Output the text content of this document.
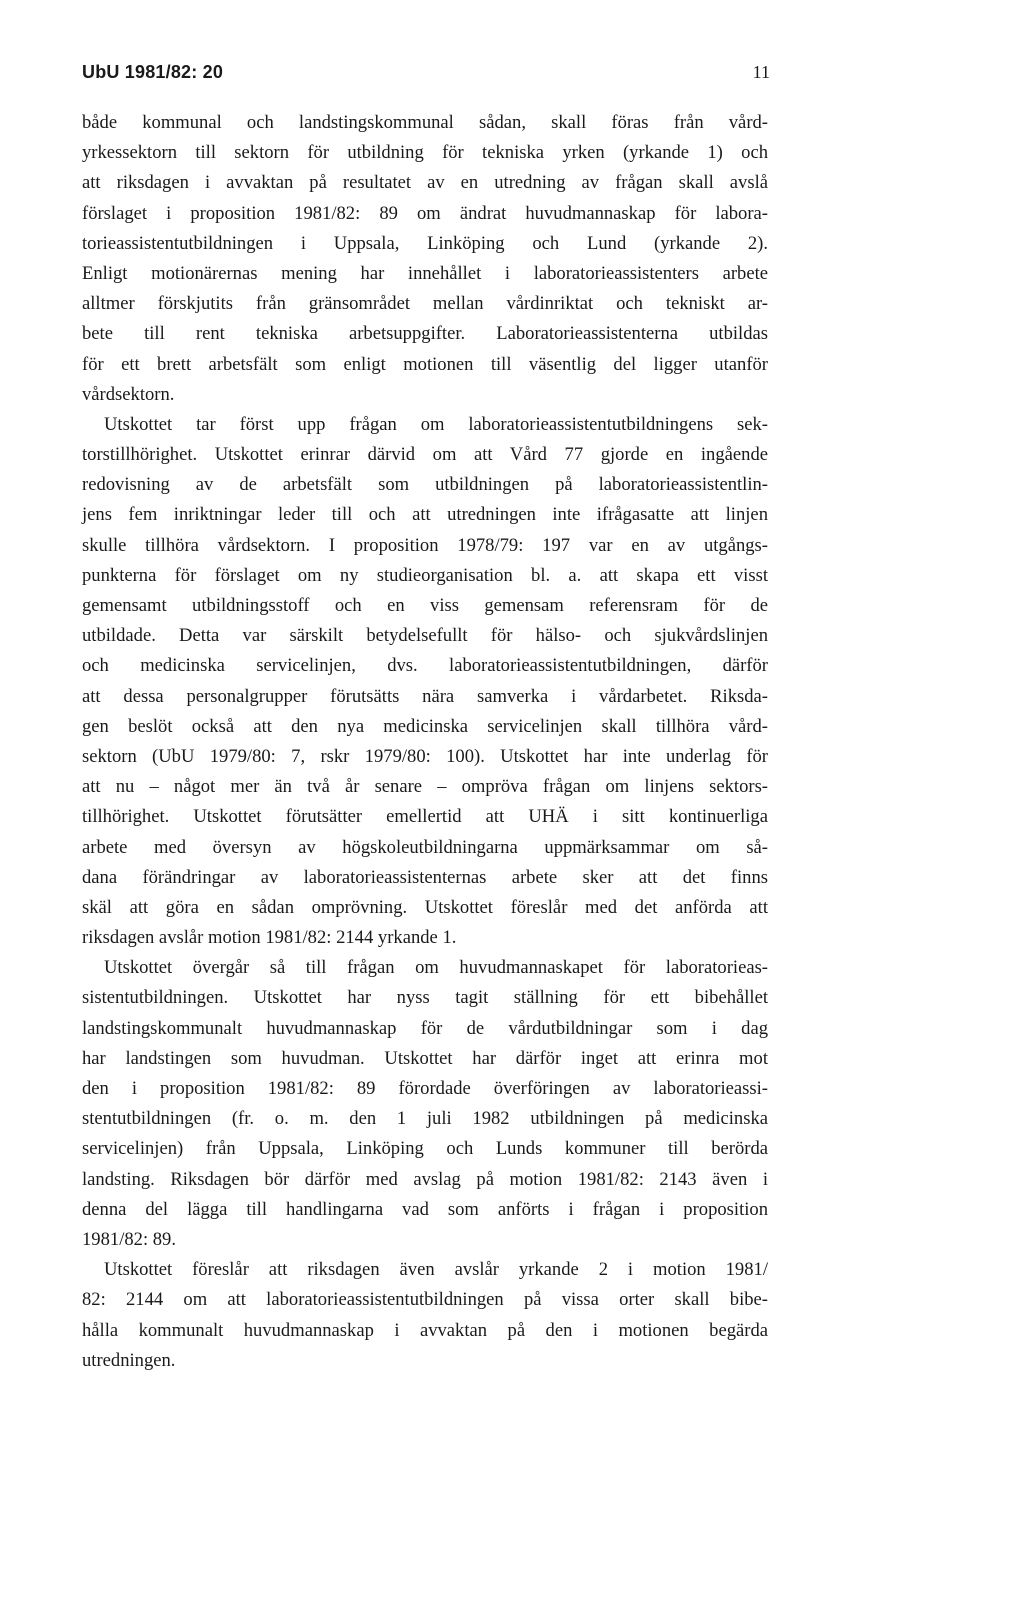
UbU 1981/82: 20	11
både kommunal och landstingskommunal sådan, skall föras från vård-
yrkessektorn till sektorn för utbildning för tekniska yrken (yrkande 1) och
att riksdagen i avvaktan på resultatet av en utredning av frågan skall avslå
förslaget i proposition 1981/82: 89 om ändrat huvudmannaskap för labora-
torieassistentutbildningen i Uppsala, Linköping och Lund (yrkande 2).
Enligt motionärernas mening har innehållet i laboratorieassistenters arbete
alltmer förskjutits från gränsområdet mellan vårdinriktat och tekniskt ar-
bete till rent tekniska arbetsuppgifter. Laboratorieassistenterna utbildas
för ett brett arbetsfält som enligt motionen till väsentlig del ligger utanför
vårdsektorn.
Utskottet tar först upp frågan om laboratorieassistentutbildningens sek-
torstillhörighet. Utskottet erinrar därvid om att Vård 77 gjorde en ingående
redovisning av de arbetsfält som utbildningen på laboratorieassistentlin-
jens fem inriktningar leder till och att utredningen inte ifrågasatte att linjen
skulle tillhöra vårdsektorn. I proposition 1978/79: 197 var en av utgångs-
punkterna för förslaget om ny studieorganisation bl. a. att skapa ett visst
gemensamt utbildningsstoff och en viss gemensam referensram för de
utbildade. Detta var särskilt betydelsefullt för hälso- och sjukvårdslinjen
och medicinska servicelinjen, dvs. laboratorieassistentutbildningen, därför
att dessa personalgrupper förutsätts nära samverka i vårdarbetet. Riksda-
gen beslöt också att den nya medicinska servicelinjen skall tillhöra vård-
sektorn (UbU 1979/80: 7, rskr 1979/80: 100). Utskottet har inte underlag för
att nu – något mer än två år senare – ompröva frågan om linjens sektors-
tillhörighet. Utskottet förutsätter emellertid att UHÄ i sitt kontinuerliga
arbete med översyn av högskoleutbildningarna uppmärksammar om så-
dana förändringar av laboratorieassistenternas arbete sker att det finns
skäl att göra en sådan omprövning. Utskottet föreslår med det anförda att
riksdagen avslår motion 1981/82: 2144 yrkande 1.
Utskottet övergår så till frågan om huvudmannaskapet för laboratorieas-
sistentutbildningen. Utskottet har nyss tagit ställning för ett bibehållet
landstingskommunalt huvudmannaskap för de vårdutbildningar som i dag
har landstingen som huvudman. Utskottet har därför inget att erinra mot
den i proposition 1981/82: 89 förordade överföringen av laboratorieassi-
stentutbildningen (fr. o. m. den 1 juli 1982 utbildningen på medicinska
servicelinjen) från Uppsala, Linköping och Lunds kommuner till berörda
landsting. Riksdagen bör därför med avslag på motion 1981/82: 2143 även i
denna del lägga till handlingarna vad som anförts i frågan i proposition
1981/82: 89.
Utskottet föreslår att riksdagen även avslår yrkande 2 i motion 1981/
82: 2144 om att laboratorieassistentutbildningen på vissa orter skall bibe-
hålla kommunalt huvudmannaskap i avvaktan på den i motionen begärda
utredningen.
